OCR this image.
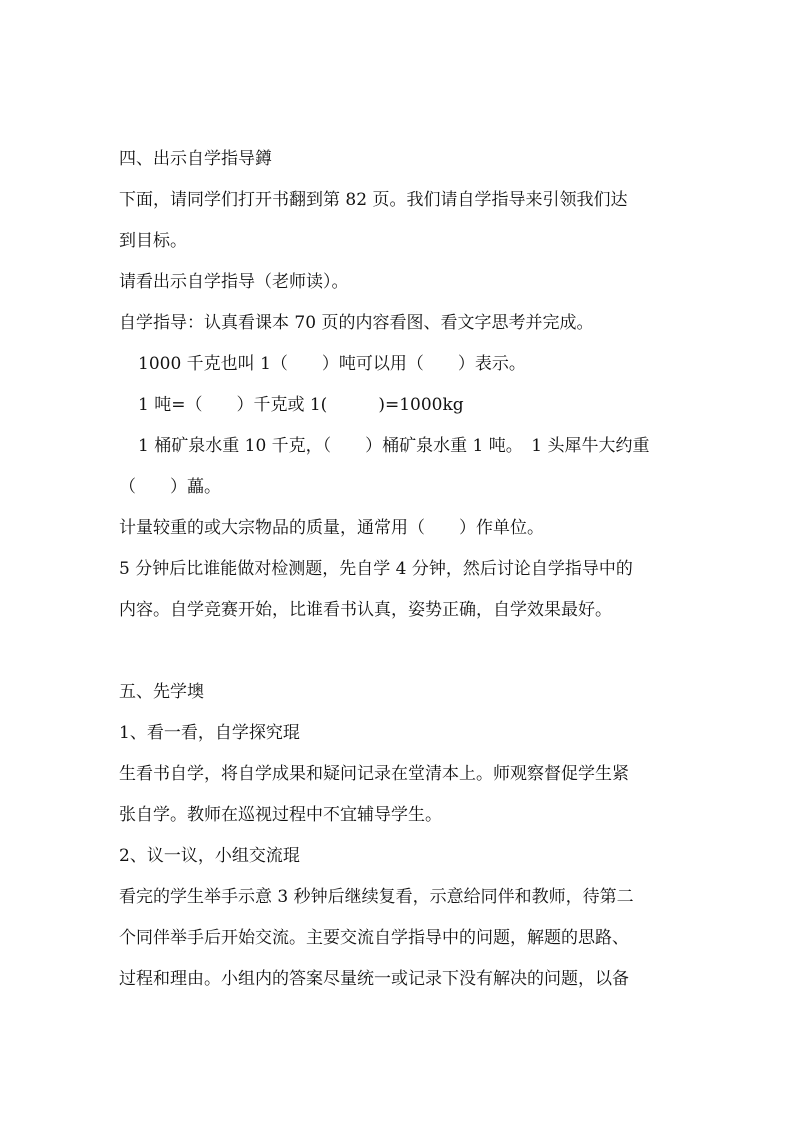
四、出示自学指导鐏
下面，请同学们打开书翻到第 82 页。我们请自学指导来引领我们达
到目标。
请看出示自学指导（老师读）。
自学指导：认真看课本 70 页的内容看图、看文字思考并完成。
1000 千克也叫 1（　　）吨可以用（　　）表示。
1 吨=（　　）千克或 1(　　　)=1000kg
1 桶矿泉水重 10 千克，（　　）桶矿泉水重 1 吨。　1 头犀牛大约重
（　　）藟。
计量较重的或大宗物品的质量，通常用（　　）作单位。
5 分钟后比谁能做对检测题，先自学 4 分钟，然后讨论自学指导中的
内容。自学竞赛开始，比谁看书认真，姿势正确，自学效果最好。
五、先学墺
1、看一看，自学探究琨
生看书自学，将自学成果和疑问记录在堂清本上。师观察督促学生紧
张自学。教师在巡视过程中不宜辅导学生。
2、议一议，小组交流琨
看完的学生举手示意 3 秒钟后继续复看，示意给同伴和教师，待第二
个同伴举手后开始交流。主要交流自学指导中的问题，解题的思路、
过程和理由。小组内的答案尽量统一或记录下没有解决的问题，以备
